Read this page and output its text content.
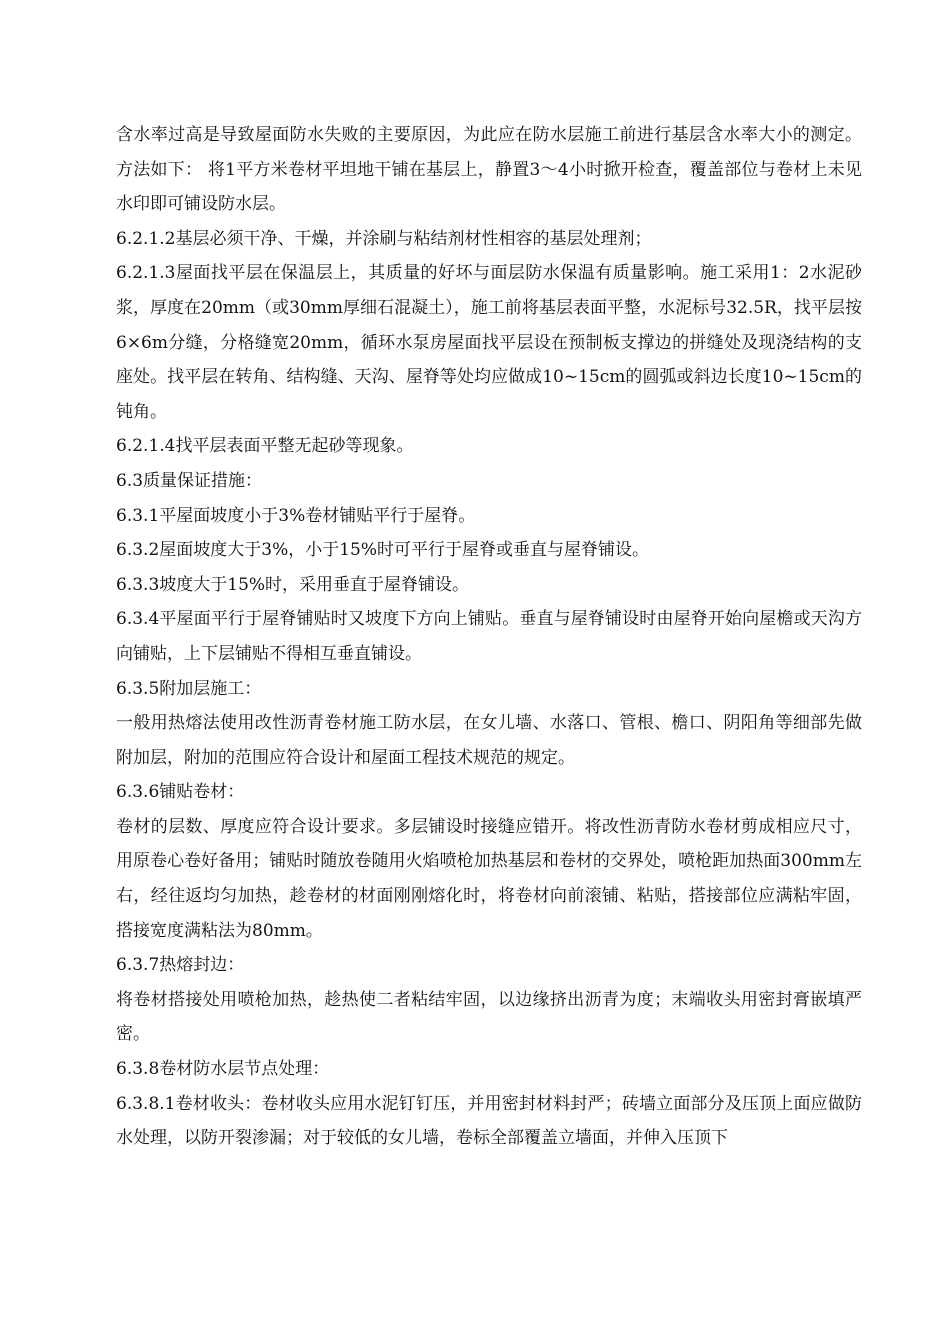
含水率过高是导致屋面防水失败的主要原因，为此应在防水层施工前进行基层含水率大小的测定。方法如下： 将1平方米卷材平坦地干铺在基层上，静置3～4小时掀开检查，覆盖部位与卷材上未见水印即可铺设防水层。

6.2.1.2基层必须干净、干燥，并涂刷与粘结剂材性相容的基层处理剂；

6.2.1.3屋面找平层在保温层上，其质量的好坏与面层防水保温有质量影响。施工采用1：2水泥砂浆，厚度在20mm（或30mm厚细石混凝土），施工前将基层表面平整，水泥标号32.5R，找平层按6×6m分缝，分格缝宽20mm，循环水泵房屋面找平层设在预制板支撑边的拼缝处及现浇结构的支座处。找平层在转角、结构缝、天沟、屋脊等处均应做成10~15cm的圆弧或斜边长度10~15cm的钝角。

6.2.1.4找平层表面平整无起砂等现象。

6.3质量保证措施：

6.3.1平屋面坡度小于3%卷材铺贴平行于屋脊。

6.3.2屋面坡度大于3%，小于15%时可平行于屋脊或垂直与屋脊铺设。

6.3.3坡度大于15%时，采用垂直于屋脊铺设。

6.3.4平屋面平行于屋脊铺贴时又坡度下方向上铺贴。垂直与屋脊铺设时由屋脊开始向屋檐或天沟方向铺贴，上下层铺贴不得相互垂直铺设。

6.3.5附加层施工：

一般用热熔法使用改性沥青卷材施工防水层，在女儿墙、水落口、管根、檐口、阴阳角等细部先做附加层，附加的范围应符合设计和屋面工程技术规范的规定。

6.3.6铺贴卷材：

卷材的层数、厚度应符合设计要求。多层铺设时接缝应错开。将改性沥青防水卷材剪成相应尺寸，用原卷心卷好备用；铺贴时随放卷随用火焰喷枪加热基层和卷材的交界处，喷枪距加热面300mm左右，经往返均匀加热，趁卷材的材面刚刚熔化时，将卷材向前滚铺、粘贴，搭接部位应满粘牢固，搭接宽度满粘法为80mm。

6.3.7热熔封边：

将卷材搭接处用喷枪加热，趁热使二者粘结牢固，以边缘挤出沥青为度；末端收头用密封膏嵌填严密。

6.3.8卷材防水层节点处理：

6.3.8.1卷材收头：卷材收头应用水泥钉钉压，并用密封材料封严；砖墙立面部分及压顶上面应做防水处理，以防开裂渗漏；对于较低的女儿墙，卷标全部覆盖立墙面，并伸入压顶下
